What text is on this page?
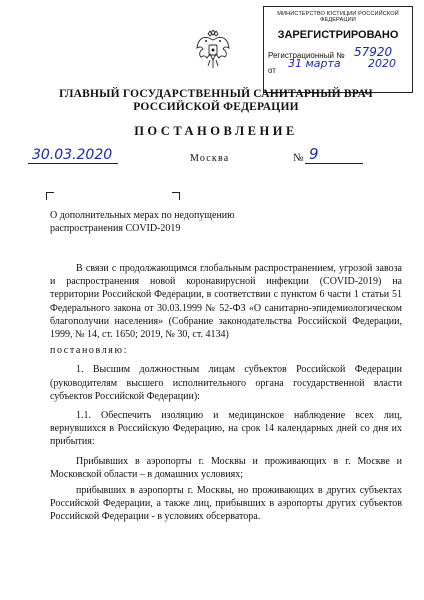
МИНИСТЕРСТВО ЮСТИЦИИ РОССИЙСКОЙ ФЕДЕРАЦИИ
ЗАРЕГИСТРИРОВАНО
Регистрационный № 57920
от
31 марта 2020
ГЛАВНЫЙ ГОСУДАРСТВЕННЫЙ САНИТАРНЫЙ ВРАЧ
РОССИЙСКОЙ ФЕДЕРАЦИИ
ПОСТАНОВЛЕНИЕ
30.03.2020	Москва	№ 9
О дополнительных мерах по недопущению распространения COVID-2019

В связи с продолжающимся глобальным распространением, угрозой завоза и распространения новой коронавирусной инфекции (COVID-2019) на территории Российской Федерации, в соответствии с пунктом 6 части 1 статьи 51 Федерального закона от 30.03.1999 № 52-ФЗ «О санитарно-эпидемиологическом благополучии населения» (Собрание законодательства Российской Федерации, 1999, № 14, ст. 1650; 2019, № 30, ст. 4134)

постановляю:

1. Высшим должностным лицам субъектов Российской Федерации (руководителям высшего исполнительного органа государственной власти субъектов Российской Федерации):

1.1. Обеспечить изоляцию и медицинское наблюдение всех лиц, вернувшихся в Российскую Федерацию, на срок 14 календарных дней со дня их прибытия:

Прибывших в аэропорты г. Москвы и проживающих в г. Москве и Московской области – в домашних условиях;

прибывших в аэропорты г. Москвы, но проживающих в других субъектах Российской Федерации, а также лиц, прибывших в аэропорты других субъектов Российской Федерации - в условиях обсерватора.
